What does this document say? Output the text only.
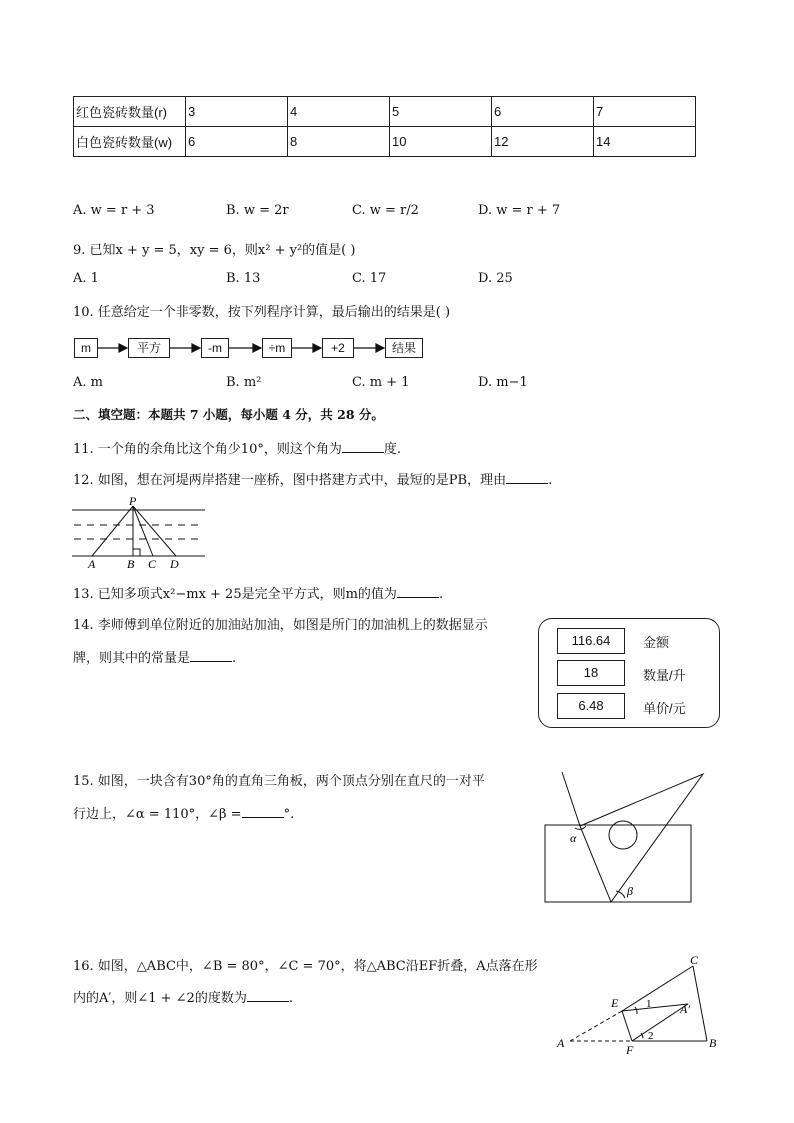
红色瓷砖数量(r)	3	4	5	6	7
白色瓷砖数量(w)	6	8	10	12	14
A. w = r + 3	B. w = 2r	C. w = r/2	D. w = r + 7
9. 已知x + y = 5，xy = 6，则x² + y²的值是( )
A. 1	B. 13	C. 17	D. 25
10. 任意给定一个非零数，按下列程序计算，最后输出的结果是( )
m	平方	-m	÷m	+2	结果
A. m	B. m²	C. m + 1	D. m−1
二、填空题：本题共 7 小题，每小题 4 分，共 28 分。
11. 一个角的余角比这个角少10°，则这个角为	度.
12. 如图，想在河堤两岸搭建一座桥，图中搭建方式中，最短的是PB，理由	.
P
A	B C D
13. 已知多项式x²−mx + 25是完全平方式，则m的值为	.
14. 李师傅到单位附近的加油站加油，如图是所门的加油机上的数据显示
牌，则其中的常量是	.
116.64	金额
18	数量/升
6.48	单价/元
15. 如图，一块含有30°角的直角三角板，两个顶点分别在直尺的一对平
行边上，∠α = 110°，∠β =	°.
α
β
16. 如图，△ABC中，∠B = 80°，∠C = 70°，将△ABC沿EF折叠，A点落在形
内的A′，则∠1 + ∠2的度数为	.
A
A′
B
C
E
F
1
2
